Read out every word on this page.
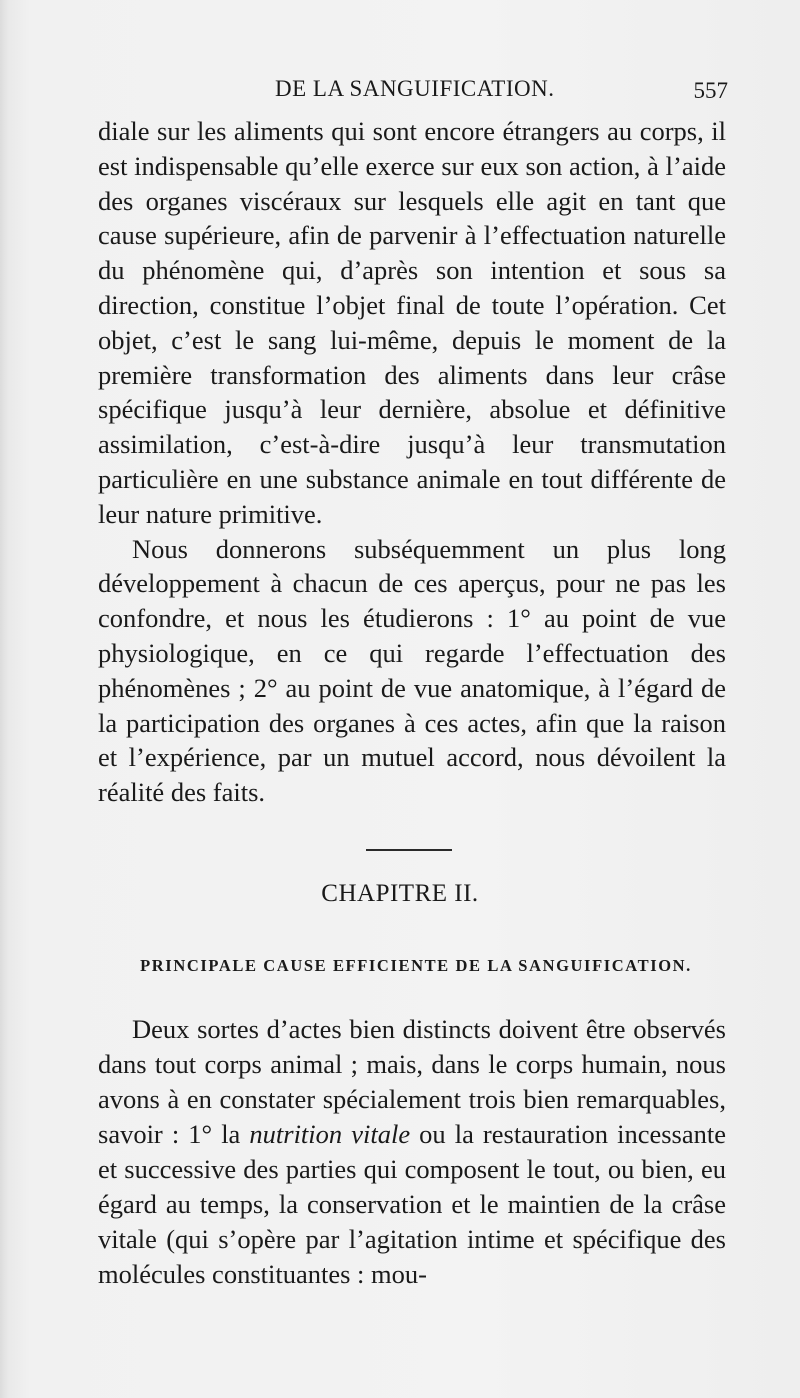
DE LA SANGUIFICATION.	557

diale sur les aliments qui sont encore étrangers au corps, il est indispensable qu’elle exerce sur eux son action, à l’aide des organes viscéraux sur lesquels elle agit en tant que cause supérieure, afin de parvenir à l’effectuation naturelle du phénomène qui, d’après son intention et sous sa direction, constitue l’objet final de toute l’opération. Cet objet, c’est le sang lui-même, depuis le moment de la première transformation des aliments dans leur crâse spécifique jusqu’à leur dernière, absolue et définitive assimilation, c’est-à-dire jusqu’à leur transmutation particulière en une substance animale en tout différente de leur nature primitive.

Nous donnerons subséquemment un plus long développement à chacun de ces aperçus, pour ne pas les confondre, et nous les étudierons : 1° au point de vue physiologique, en ce qui regarde l’effectuation des phénomènes ; 2° au point de vue anatomique, à l’égard de la participation des organes à ces actes, afin que la raison et l’expérience, par un mutuel accord, nous dévoilent la réalité des faits.

CHAPITRE II.
PRINCIPALE CAUSE EFFICIENTE DE LA SANGUIFICATION.

Deux sortes d’actes bien distincts doivent être observés dans tout corps animal ; mais, dans le corps humain, nous avons à en constater spécialement trois bien remarquables, savoir : 1° la nutrition vitale ou la restauration incessante et successive des parties qui composent le tout, ou bien, eu égard au temps, la conservation et le maintien de la crâse vitale (qui s’opère par l’agitation intime et spécifique des molécules constituantes : mou-
